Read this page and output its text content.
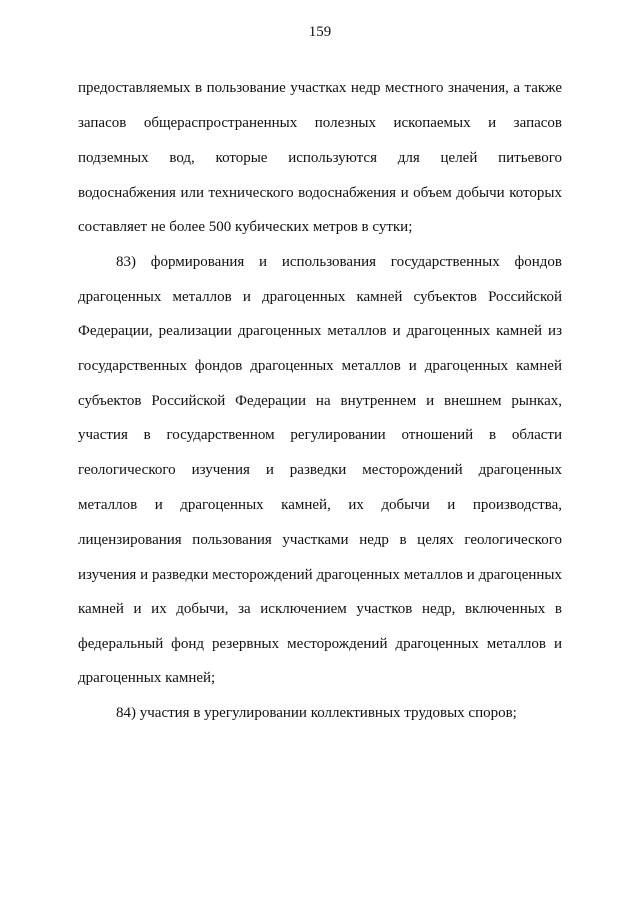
159
предоставляемых в пользование участках недр местного значения, а также
запасов общераспространенных полезных ископаемых и запасов
подземных вод, которые используются для целей питьевого
водоснабжения или технического водоснабжения и объем добычи которых
составляет не более 500 кубических метров в сутки;
83) формирования и использования государственных фондов
драгоценных металлов и драгоценных камней субъектов Российской
Федерации, реализации драгоценных металлов и драгоценных камней из
государственных фондов драгоценных металлов и драгоценных камней
субъектов Российской Федерации на внутреннем и внешнем рынках,
участия в государственном регулировании отношений в области
геологического изучения и разведки месторождений драгоценных
металлов и драгоценных камней, их добычи и производства,
лицензирования пользования участками недр в целях геологического
изучения и разведки месторождений драгоценных металлов и драгоценных
камней и их добычи, за исключением участков недр, включенных в
федеральный фонд резервных месторождений драгоценных металлов и
драгоценных камней;
84) участия в урегулировании коллективных трудовых споров;
